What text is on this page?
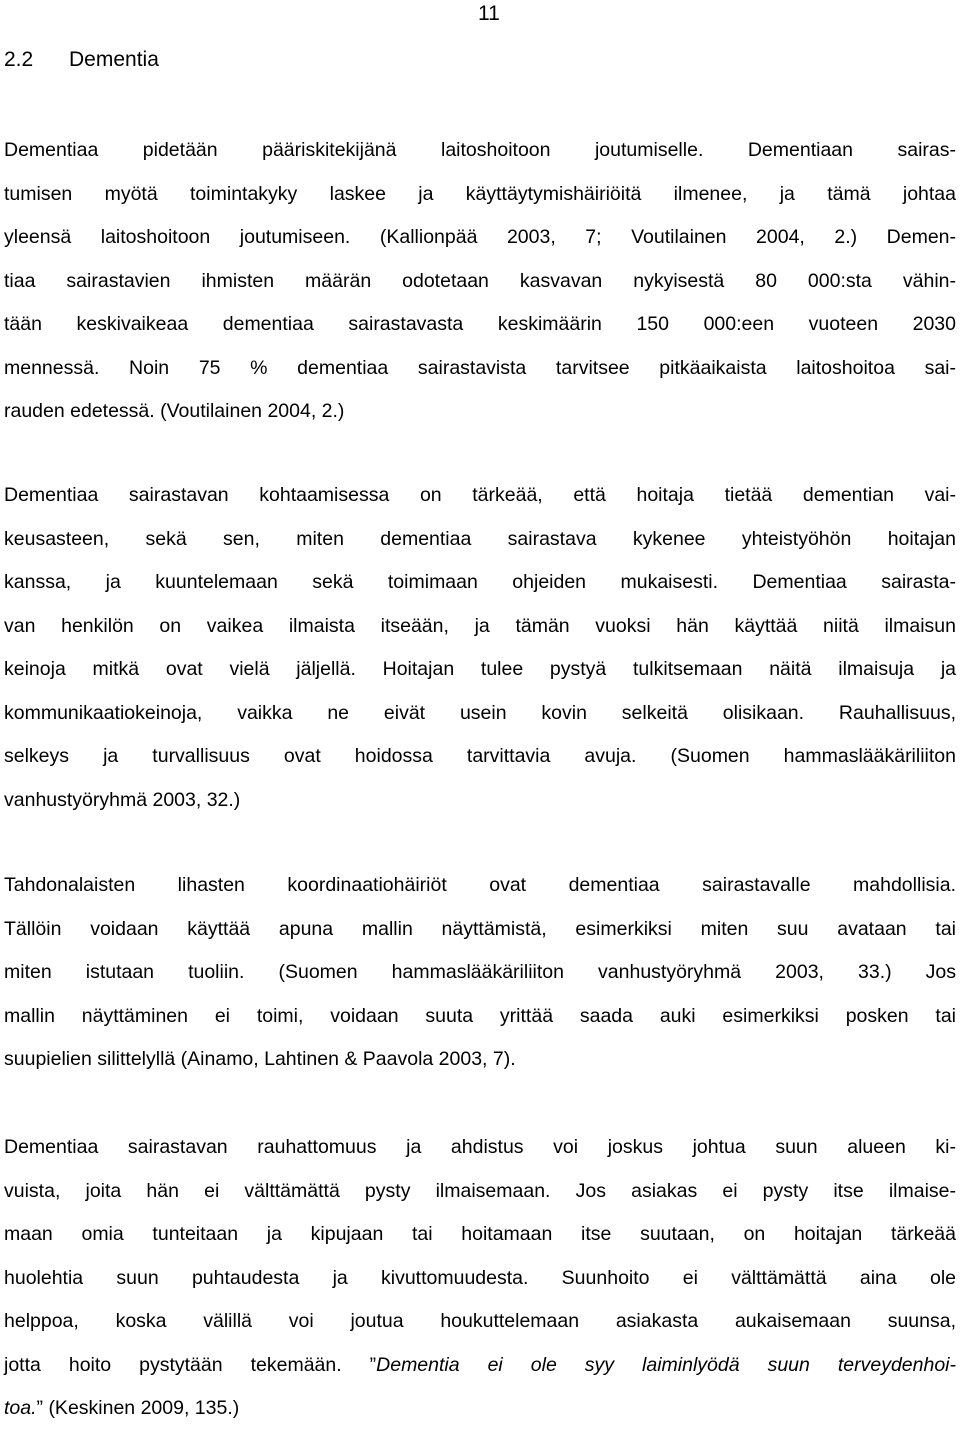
11
2.2 Dementia
Dementiaa pidetään pääriskitekijänä laitoshoitoon joutumiselle. Dementiaan sairas-
tumisen myötä toimintakyky laskee ja käyttäytymishäiriöitä ilmenee, ja tämä johtaa
yleensä laitoshoitoon joutumiseen. (Kallionpää 2003, 7; Voutilainen 2004, 2.) Demen-
tiaa sairastavien ihmisten määrän odotetaan kasvavan nykyisestä 80 000:sta vähin-
tään keskivaikeaa dementiaa sairastavasta keskimäärin 150 000:een vuoteen 2030
mennessä. Noin 75 % dementiaa sairastavista tarvitsee pitkäaikaista laitoshoitoa sai-
rauden edetessä. (Voutilainen 2004, 2.)
Dementiaa sairastavan kohtaamisessa on tärkeää, että hoitaja tietää dementian vai-
keusasteen, sekä sen, miten dementiaa sairastava kykenee yhteistyöhön hoitajan
kanssa, ja kuuntelemaan sekä toimimaan ohjeiden mukaisesti. Dementiaa sairasta-
van henkilön on vaikea ilmaista itseään, ja tämän vuoksi hän käyttää niitä ilmaisun
keinoja mitkä ovat vielä jäljellä. Hoitajan tulee pystyä tulkitsemaan näitä ilmaisuja ja
kommunikaatiokeinoja, vaikka ne eivät usein kovin selkeitä olisikaan. Rauhallisuus,
selkeys ja turvallisuus ovat hoidossa tarvittavia avuja. (Suomen hammaslääkäriliiton
vanhustyöryhmä 2003, 32.)
Tahdonalaisten lihasten koordinaatiohäiriöt ovat dementiaa sairastavalle mahdollisia.
Tällöin voidaan käyttää apuna mallin näyttämistä, esimerkiksi miten suu avataan tai
miten istutaan tuoliin. (Suomen hammaslääkäriliiton vanhustyöryhmä 2003, 33.) Jos
mallin näyttäminen ei toimi, voidaan suuta yrittää saada auki esimerkiksi posken tai
suupielien silittelyllä (Ainamo, Lahtinen & Paavola 2003, 7).
Dementiaa sairastavan rauhattomuus ja ahdistus voi joskus johtua suun alueen ki-
vuista, joita hän ei välttämättä pysty ilmaisemaan. Jos asiakas ei pysty itse ilmaise-
maan omia tunteitaan ja kipujaan tai hoitamaan itse suutaan, on hoitajan tärkeää
huolehtia suun puhtaudesta ja kivuttomuudesta. Suunhoito ei välttämättä aina ole
helppoa, koska välillä voi joutua houkuttelemaan asiakasta aukaisemaan suunsa,
jotta hoito pystytään tekemään. ”Dementia ei ole syy laiminlyödä suun terveydenhoi-
toa.” (Keskinen 2009, 135.)
